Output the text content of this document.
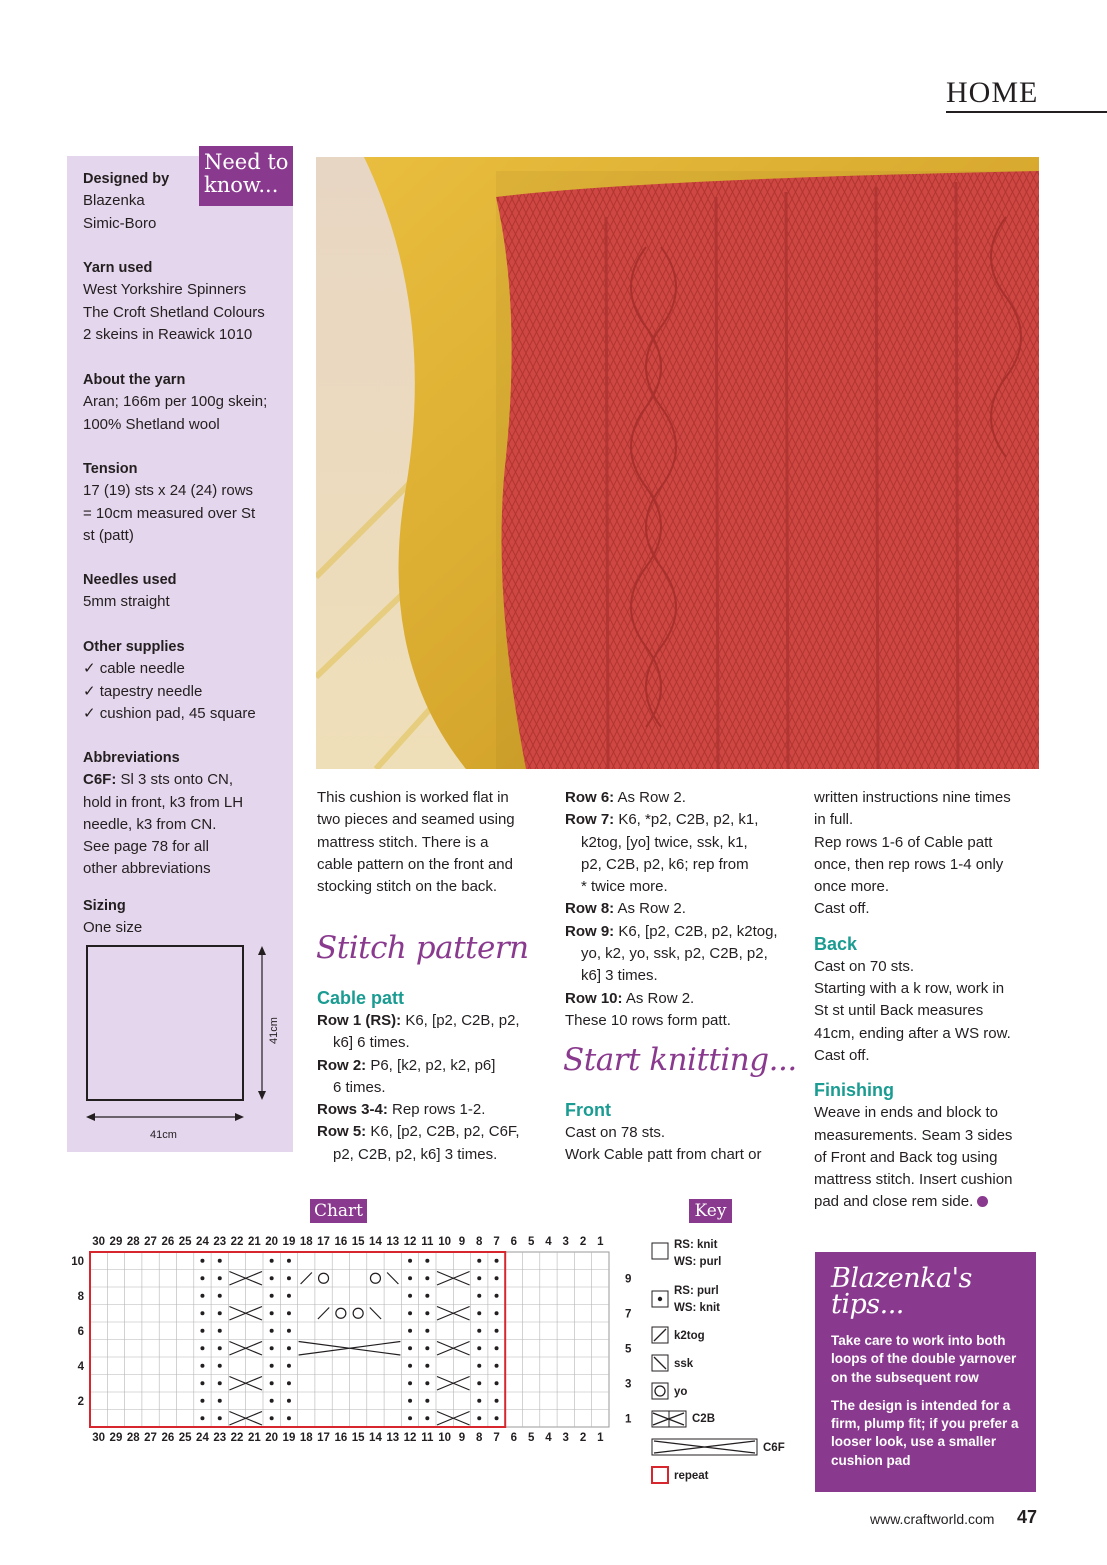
HOME
Need to
know...
Designed by
Blazenka
Simic-Boro
Yarn used
West Yorkshire Spinners
The Croft Shetland Colours
2 skeins in Reawick 1010
About the yarn
Aran; 166m per 100g skein;
100% Shetland wool
Tension
17 (19) sts x 24 (24) rows
= 10cm measured over St
st (patt)
Needles used
5mm straight
Other supplies
✓ cable needle
✓ tapestry needle
✓ cushion pad, 45 square
Abbreviations
C6F: Sl 3 sts onto CN,
hold in front, k3 from LH
needle, k3 from CN.
See page 78 for all
other abbreviations
Sizing
One size
41cm
41cm

This cushion is worked flat in

two pieces and seamed using

mattress stitch. There is a

cable pattern on the front and

stocking stitch on the back.

Stitch pattern

Cable patt

Row 1 (RS): K6, [p2, C2B, p2,

k6] 6 times.

Row 2: P6, [k2, p2, k2, p6]

6 times.

Rows 3-4: Rep rows 1-2.

Row 5: K6, [p2, C2B, p2, C6F,

p2, C2B, p2, k6] 3 times.

Row 6: As Row 2.

Row 7: K6, *p2, C2B, p2, k1,

k2tog, [yo] twice, ssk, k1,

p2, C2B, p2, k6; rep from

* twice more.

Row 8: As Row 2.

Row 9: K6, [p2, C2B, p2, k2tog,

yo, k2, yo, ssk, p2, C2B, p2,

k6] 3 times.

Row 10: As Row 2.

These 10 rows form patt.

Start knitting...

Front

Cast on 78 sts.

Work Cable patt from chart or

written instructions nine times

in full.

Rep rows 1-6 of Cable patt

once, then rep rows 1-4 only

once more.

Cast off.

Back

Cast on 70 sts.

Starting with a k row, work in

St st until Back measures

41cm, ending after a WS row.

Cast off.

Finishing

Weave in ends and block to

measurements. Seam 3 sides

of Front and Back tog using

mattress stitch. Insert cushion

pad and close rem side.

Chart
30 29 28 27 26 25 24 23 22 21 20 19 18 17 16 15 14 13 12 11 10 9 8 7 6 5 4 3 2 1
30 29 28 27 26 25 24 23 22 21 20 19 18 17 16 15 14 13 12 11 10 9 8 7 6 5 4 3 2 1
10
8
6
4
2
9
7
5
3
1
Key
RS: knit
WS: purl
RS: purl
WS: knit
k2tog
ssk
yo
C2B
C6F
repeat
Blazenka's
tips...
Take care to work into both loops of the double yarnover on the subsequent row
The design is intended for a firm, plump fit; if you prefer a looser look, use a smaller cushion pad
www.craftworld.com 47
